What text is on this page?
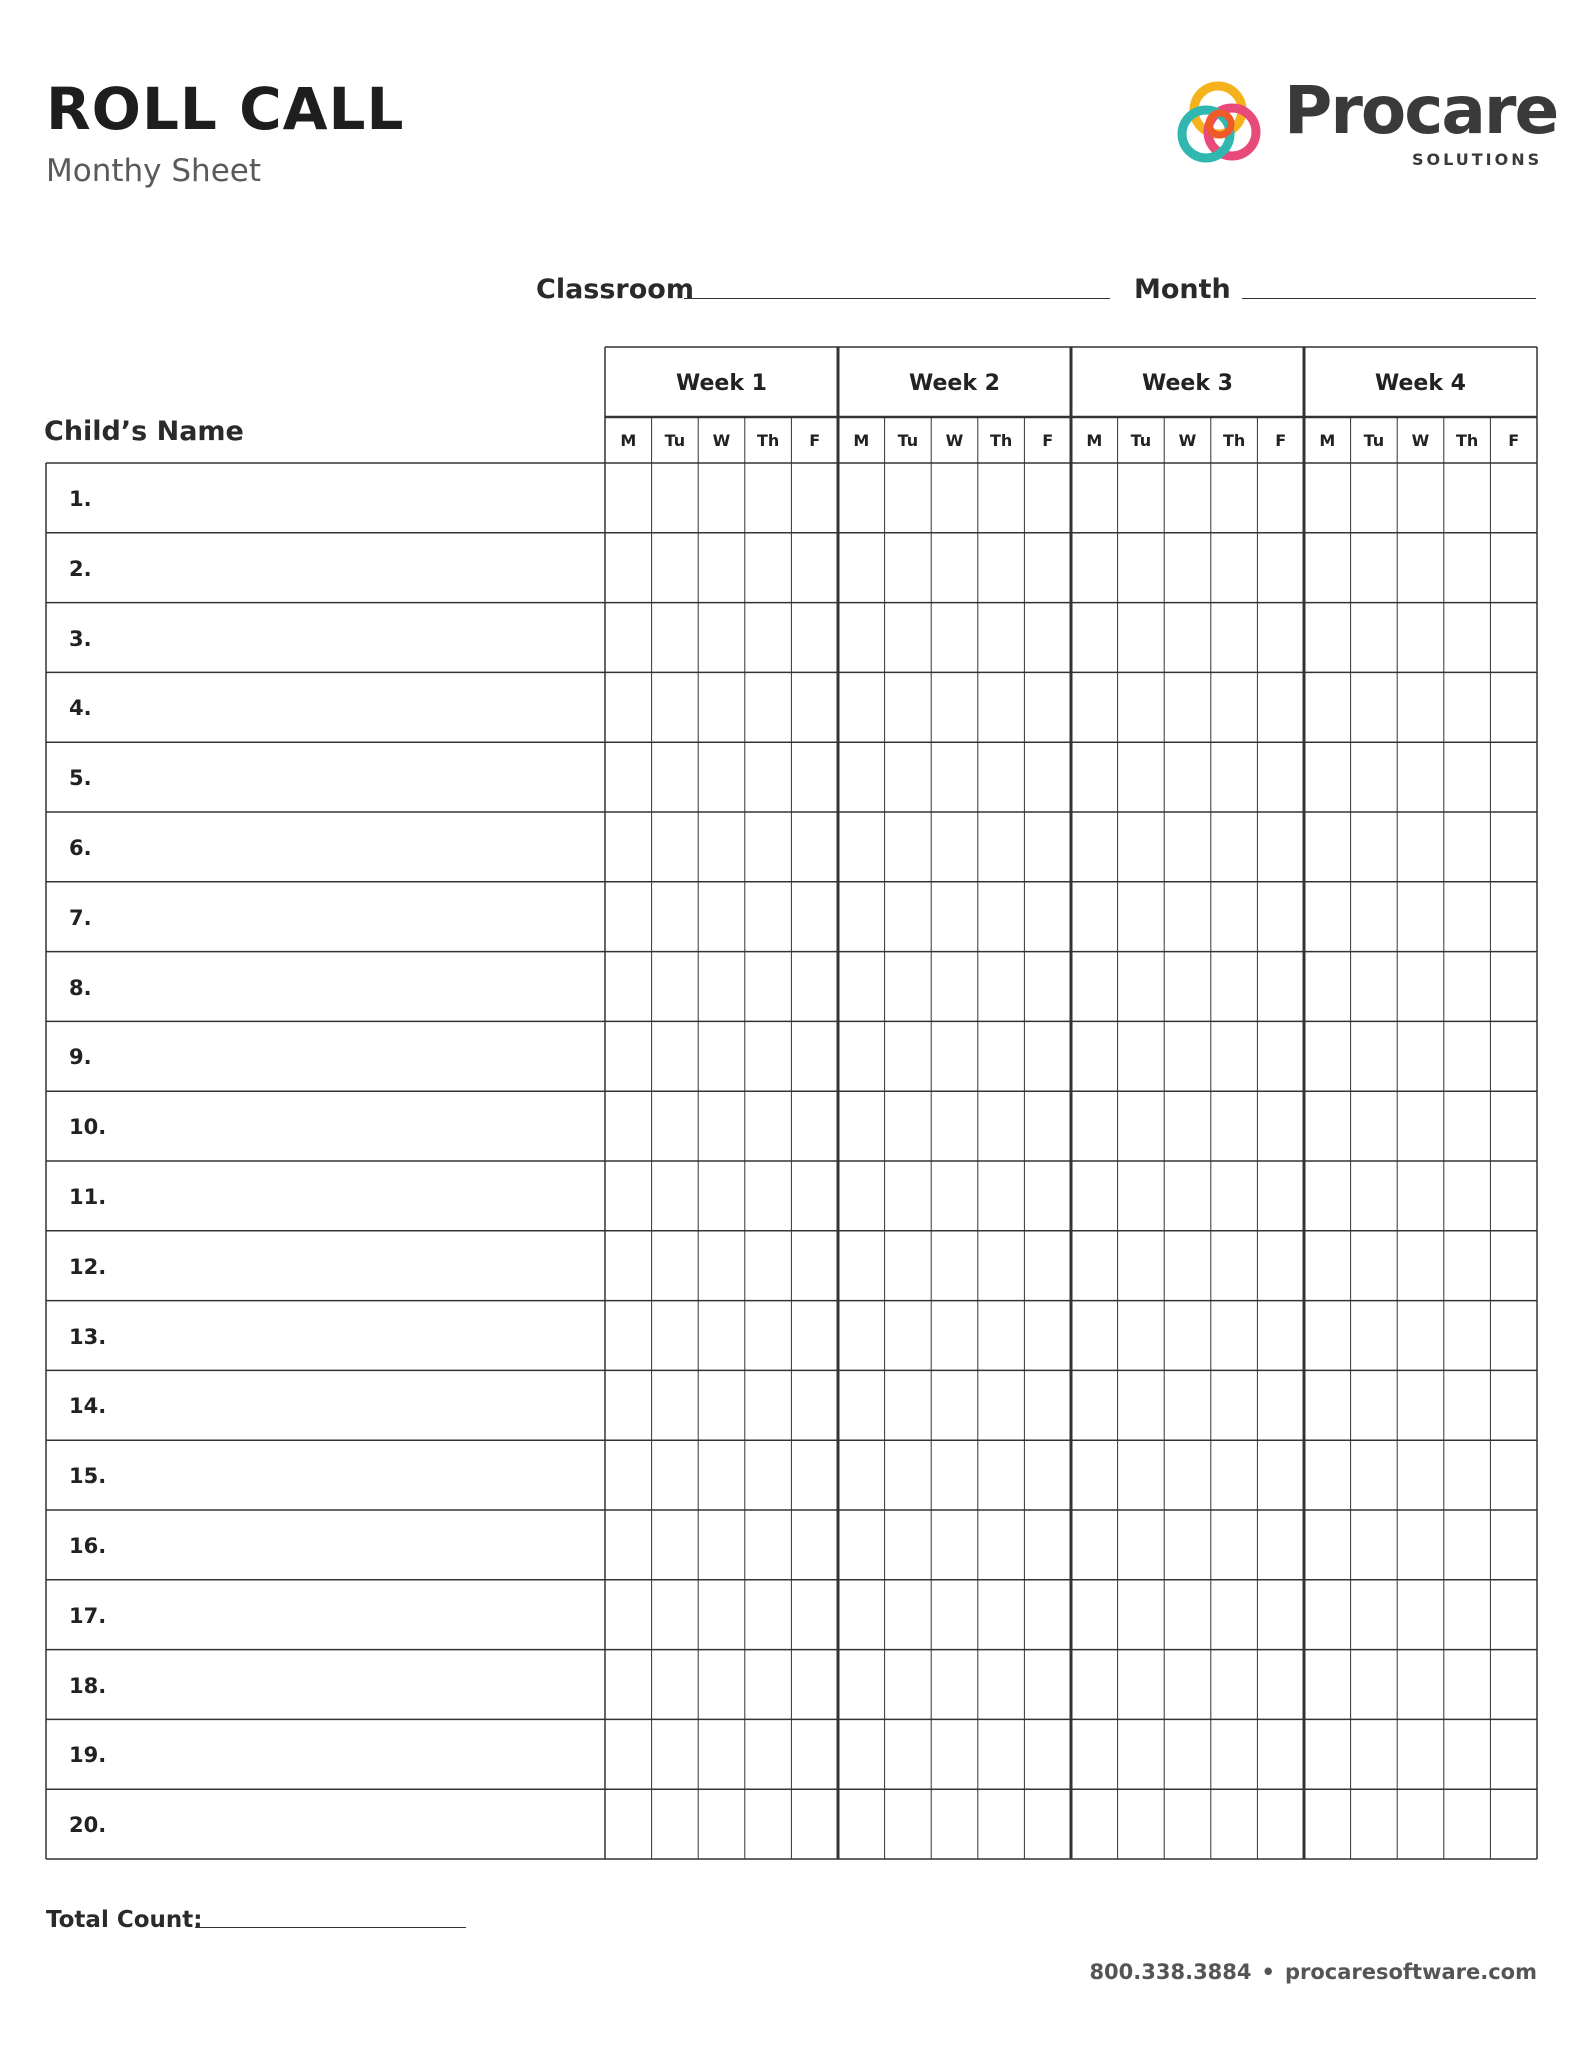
ROLL CALL
Monthy Sheet
Procare
SOLUTIONS
Classroom	Month
Child’s Name
Week 1	Week 2	Week 3	Week 4
M	Tu	W	Th	F	M	Tu	W	Th	F	M	Tu	W	Th	F	M	Tu	W	Th	F
1.
2.
3.
4.
5.
6.
7.
8.
9.
10.
11.
12.
13.
14.
15.
16.
17.
18.
19.
20.
Total Count:
800.338.3884 • procaresoftware.com
